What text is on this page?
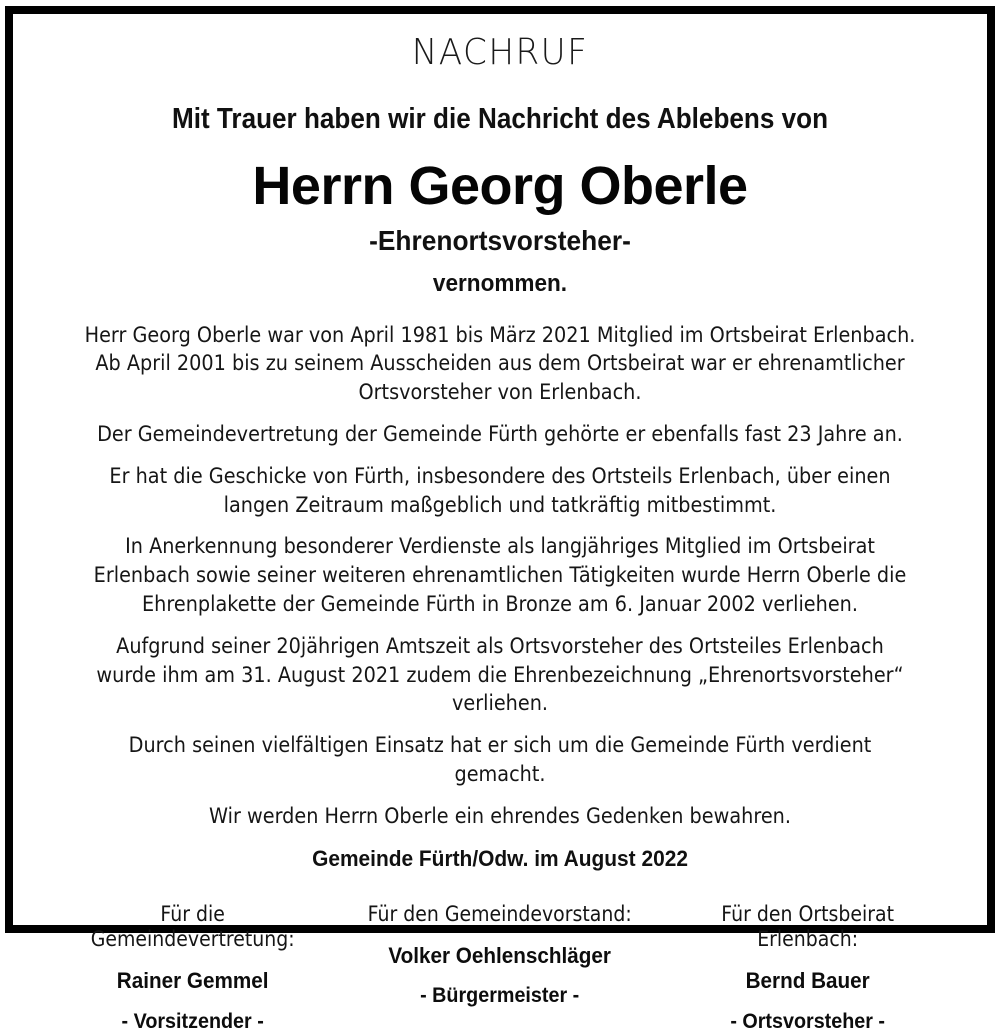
NACHRUF
Mit Trauer haben wir die Nachricht des Ablebens von
Herrn Georg Oberle
-Ehrenortsvorsteher-
vernommen.

Herr Georg Oberle war von April 1981 bis März 2021 Mitglied im Ortsbeirat Erlenbach. Ab April 2001 bis zu seinem Ausscheiden aus dem Ortsbeirat war er ehrenamtlicher Ortsvorsteher von Erlenbach.

Der Gemeindevertretung der Gemeinde Fürth gehörte er ebenfalls fast 23 Jahre an.

Er hat die Geschicke von Fürth, insbesondere des Ortsteils Erlenbach, über einen langen Zeitraum maßgeblich und tatkräftig mitbestimmt.

In Anerkennung besonderer Verdienste als langjähriges Mitglied im Ortsbeirat Erlenbach sowie seiner weiteren ehrenamtlichen Tätigkeiten wurde Herrn Oberle die Ehrenplakette der Gemeinde Fürth in Bronze am 6. Januar 2002 verliehen.

Aufgrund seiner 20jährigen Amtszeit als Ortsvorsteher des Ortsteiles Erlenbach wurde ihm am 31. August 2021 zudem die Ehrenbezeichnung „Ehrenortsvorsteher“ verliehen.

Durch seinen vielfältigen Einsatz hat er sich um die Gemeinde Fürth verdient gemacht.

Wir werden Herrn Oberle ein ehrendes Gedenken bewahren.

Gemeinde Fürth/Odw. im August 2022
Für die Gemeindevertretung:
Rainer Gemmel
- Vorsitzender -
Für den Gemeindevorstand:
Volker Oehlenschläger
- Bürgermeister -
Für den Ortsbeirat Erlenbach:
Bernd Bauer
- Ortsvorsteher -
